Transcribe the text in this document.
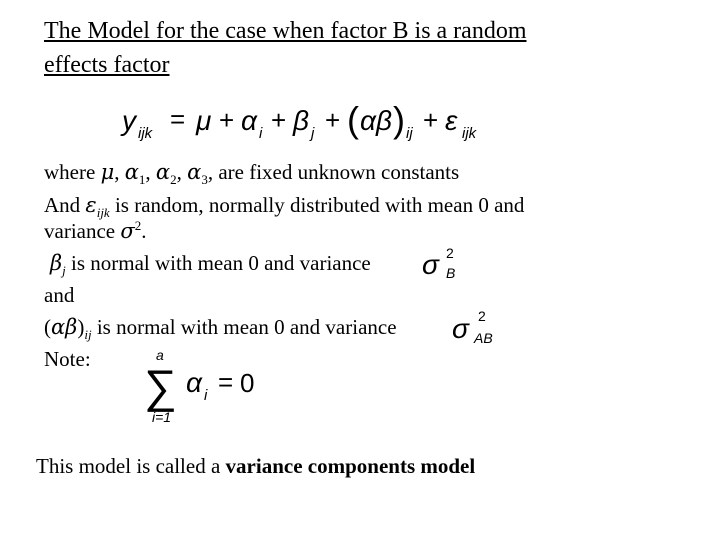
The Model for the case when factor B is a random
effects factor
y ijk = μ + α i + β j + ( αβ ) ij + ε ijk
where μ, $\alpha_1$, $\alpha_2$, $\alpha_3$, are fixed unknown constants
And $\varepsilon_{ijk}$ is random, normally distributed with mean 0 and
variance $\sigma^2$.
$\beta_j$ is normal with mean 0 and variance σ 2
B
and
$(\alpha\beta)_{ij}$ is normal with mean 0 and variance σ 2
AB
Note:	a
∑
i=1
α i = 0
This model is called a variance components model
